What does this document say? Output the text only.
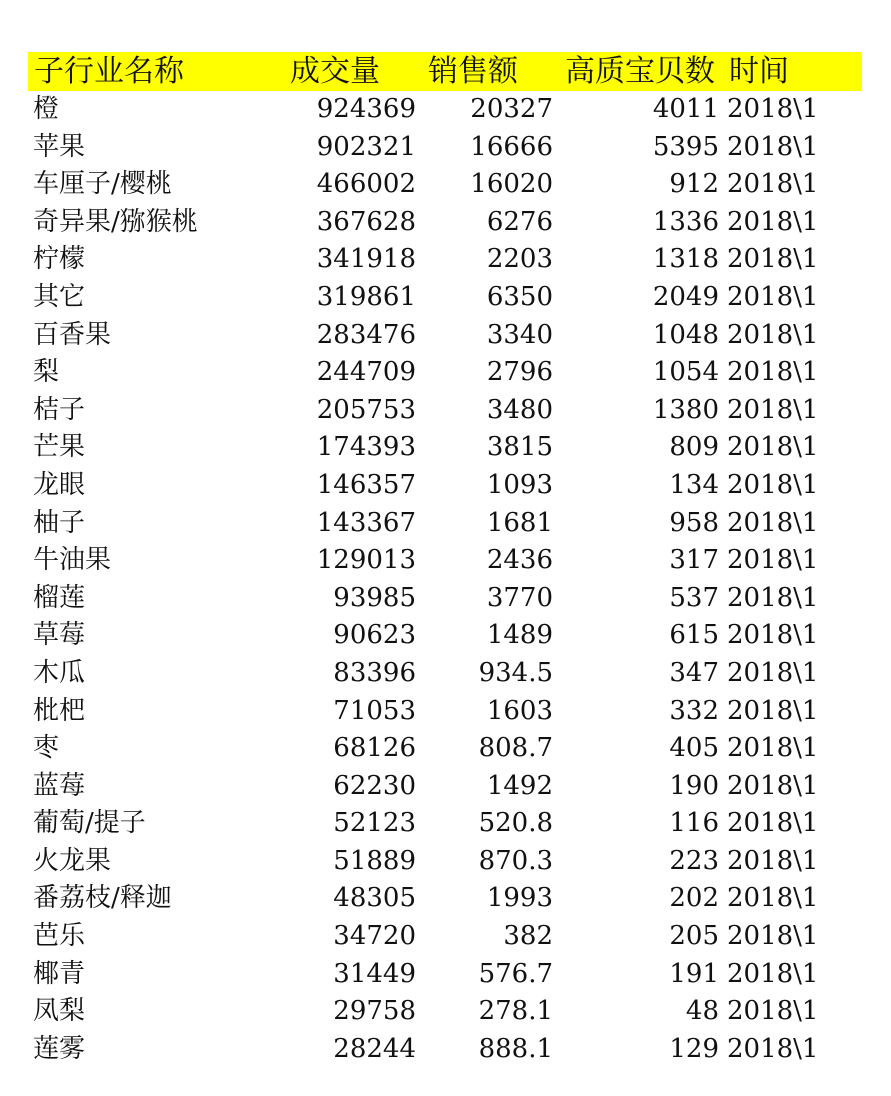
子行业名称	成交量 销售额 高质宝贝数 时间
橙	924369 20327	4011 2018\1
苹果	902321 16666	5395 2018\1
车厘子/樱桃	466002 16020	912 2018\1
奇异果/猕猴桃	367628	6276	1336 2018\1
柠檬	341918	2203	1318 2018\1
其它	319861	6350	2049 2018\1
百香果	283476	3340	1048 2018\1
梨	244709	2796	1054 2018\1
桔子	205753	3480	1380 2018\1
芒果	174393	3815	809 2018\1
龙眼	146357	1093	134 2018\1
柚子	143367	1681	958 2018\1
牛油果	129013	2436	317 2018\1
榴莲	93985	3770	537 2018\1
草莓	90623	1489	615 2018\1
木瓜	83396 934.5	347 2018\1
枇杷	71053	1603	332 2018\1
枣	68126 808.7	405 2018\1
蓝莓	62230	1492	190 2018\1
葡萄/提子	52123 520.8	116 2018\1
火龙果	51889 870.3	223 2018\1
番荔枝/释迦	48305	1993	202 2018\1
芭乐	34720	382	205 2018\1
椰青	31449 576.7	191 2018\1
凤梨	29758 278.1	48 2018\1
莲雾	28244 888.1	129 2018\1
